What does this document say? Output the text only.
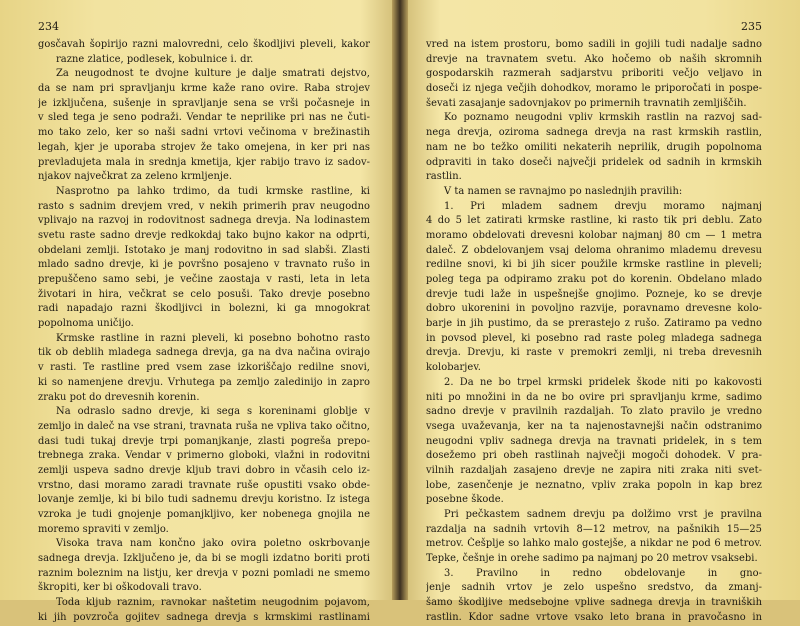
234
gosčavah šopirijo razni malovredni, celo škodljivi pleveli, kakor
razne zlatice, podlesek, kobulnice i. dr.
Za neugodnost te dvojne kulture je dalje smatrati dejstvo,
da se nam pri spravljanju krme kaže rano ovire. Raba strojev
je izključena, sušenje in spravljanje sena se vrši počasneje in
v sled tega je seno podraži. Vendar te neprilike pri nas ne čuti-
mo tako zelo, ker so naši sadni vrtovi večinoma v brežinastih
legah, kjer je uporaba strojev že tako omejena, in ker pri nas
prevladujeta mala in srednja kmetija, kjer rabijo travo iz sadov-
njakov največkrat za zeleno krmljenje.
Nasprotno pa lahko trdimo, da tudi krmske rastline, ki
rasto s sadnim drevjem vred, v nekih primerih prav neugodno
vplivajo na razvoj in rodovitnost sadnega drevja. Na lodinastem
svetu raste sadno drevje redkokdaj tako bujno kakor na odprti,
obdelani zemlji. Istotako je manj rodovitno in sad slabši. Zlasti
mlado sadno drevje, ki je površno posajeno v travnato rušo in
prepuščeno samo sebi, je večine zaostaja v rasti, leta in leta
životari in hira, večkrat se celo posuši. Tako drevje posebno
radi napadajo razni škodljivci in bolezni, ki ga mnogokrat
popolnoma uničijo.
Krmske rastline in razni pleveli, ki posebno bohotno rasto
tik ob deblih mladega sadnega drevja, ga na dva načina ovirajo
v rasti. Te rastline pred vsem zase izkoriščajo redilne snovi,
ki so namenjene drevju. Vrhutega pa zemljo zaledinijo in zapro
zraku pot do drevesnih korenin.
Na odraslo sadno drevje, ki sega s koreninami globlje v
zemljo in dalеč na vse strani, travnata ruša ne vpliva tako očitno,
dasi tudi tukaj drevje trpi pomanjkanje, zlasti pogrešа prepo-
trebnega zraka. Vendar v primerno globoki, vlažni in rodovitni
zemlji uspeva sadno drevje kljub travi dobro in včasih celo iz-
vrstno, dasi moramo zaradi travnate ruše opustiti vsako obde-
lovanje zemlje, ki bi bilo tudi sadnemu drevju koristno. Iz istega
vzroka je tudi gnojenje pomanjkljivo, ker nobenega gnojila ne
moremo spraviti v zemljo.
Visoka trava nam končno jako ovira poletno oskrbovanje
sadnega drevja. Izključeno je, da bi se mogli izdatno boriti proti
raznim boleznim na listju, ker drevja v pozni pomladi ne smemo
škropiti, ker bi oškodovali travo.
Toda kljub raznim, ravnokar naštetim neugodnim pojavom,
ki jih povzroča gojitev sadnega drevja s krmskimi rastlinami
235
vred na istem prostoru, bomo sadili in gojili tudi nadalje sadno
drevje na travnatem svetu. Ako hočemo ob naših skromnih
gospodarskih razmerah sadjarstvu priboriti večjo veljavo in
doseči iz njega večjih dohodkov, moramo le priporočati in pospe-
ševati zasajanje sadovnjakov po primernih travnatih zemljiščih.
Ko poznamo neugodni vpliv krmskih rastlin na razvoj sad-
nega drevja, oziroma sadnega drevja na rast krmskih rastlin,
nam ne bo težko omiliti nekaterih neprilik, drugih popolnoma
odpraviti in tako doseči največji pridelek od sadnih in krmskih
rastlin.
V ta namen se ravnajmo po naslednjih pravilih:
1. Pri mladem sadnem drevju moramo najmanj
4 do 5 let zatirati krmske rastline, ki rasto tik pri deblu. Zato
moramo obdelovati drevesni kolobar najmanj 80 cm — 1 metra
daleč. Z obdelovanjem vsaj deloma ohranimo mlademu drevesu
redilne snovi, ki bi jih sicer použile krmske rastline in pleveli;
poleg tega pa odpiramo zraku pot do korenin. Obdelano mlado
drevje tudi laže in uspešnejše gnojimo. Pozneje, ko se drevje
dobro ukoreninі in povoljno razvije, poravnamo drevesne kolo-
barje in jih pustimo, da se prerastejo z rušo. Zatiramo pa vedno
in povsod plevel, ki posebno rad raste poleg mladega sadnega
drevja. Drevju, ki raste v premokri zemlji, ni treba drevesnih
kolobarjev.
2. Da ne bo trpel krmski pridelek škode niti po kakovosti
niti po množini in da ne bo ovire pri spravljanju krme, sadimo
sadno drevje v pravilnih razdaljah. To zlato pravilo je vredno
vsega uvaževanja, ker na ta najenostavnejši način odstranimo
neugodni vpliv sadnega drevja na travnati pridelek, in s tem
dosežemo pri obeh rastlinah največji mogoči dohodek. V pra-
vilnih razdaljah zasajeno drevje ne zapira niti zraka niti svet-
lobe, zasenčenje je neznatno, vpliv zraka popoln in kap brez
posebne škode.
Pri pečkastem sadnem drevju pa dolžimo vrst je pravilna
razdalja na sadnih vrtovih 8—12 metrov, na pašnikih 15—25
metrov. Češplje so lahko malo gostejše, a nikdar ne pod 6 metrov.
Tepke, češnje in orehe sadimo pa najmanj po 20 metrov vsaksebi.
3. Pravilno in redno obdelovanje in gno-
jenje sadnih vrtov je zelo uspešno sredstvo, da zmanj-
šamo škodljive medsebojne vplive sadnega drevja in travniških
rastlin. Kdor sadne vrtove vsako leto brana in pravočasno in
